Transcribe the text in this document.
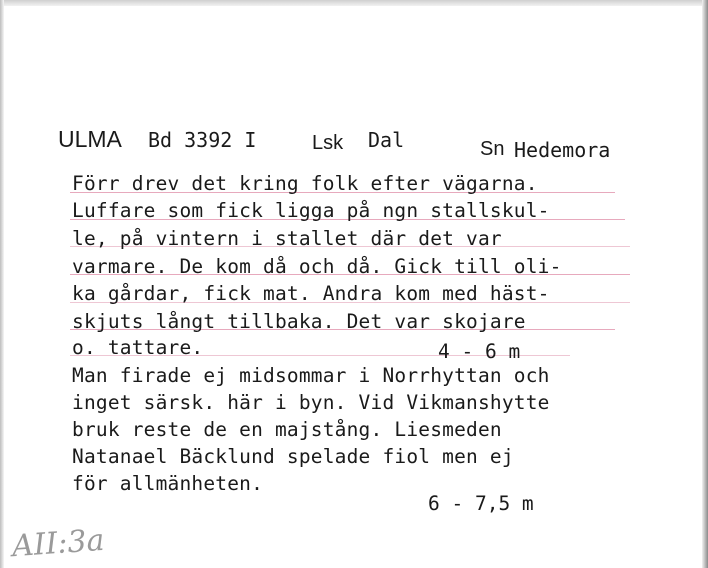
ULMA Bd 3392 I	Lsk Dal	Sn Hedemora
Förr drev det kring folk efter vägarna.
Luffare som fick ligga på ngn stallskul-
le, på vintern i stallet där det var
varmare. De kom då och då. Gick till oli-
ka gårdar, fick mat. Andra kom med häst-
skjuts långt tillbaka. Det var skojare
o. tattare.	4 - 6 m
Man firade ej midsommar i Norrhyttan och
inget särsk. här i byn. Vid Vikmanshytte
bruk reste de en majstång. Liesmeden
Natanael Bäcklund spelade fiol men ej
för allmänheten.
6 - 7,5 m
AII:3a
